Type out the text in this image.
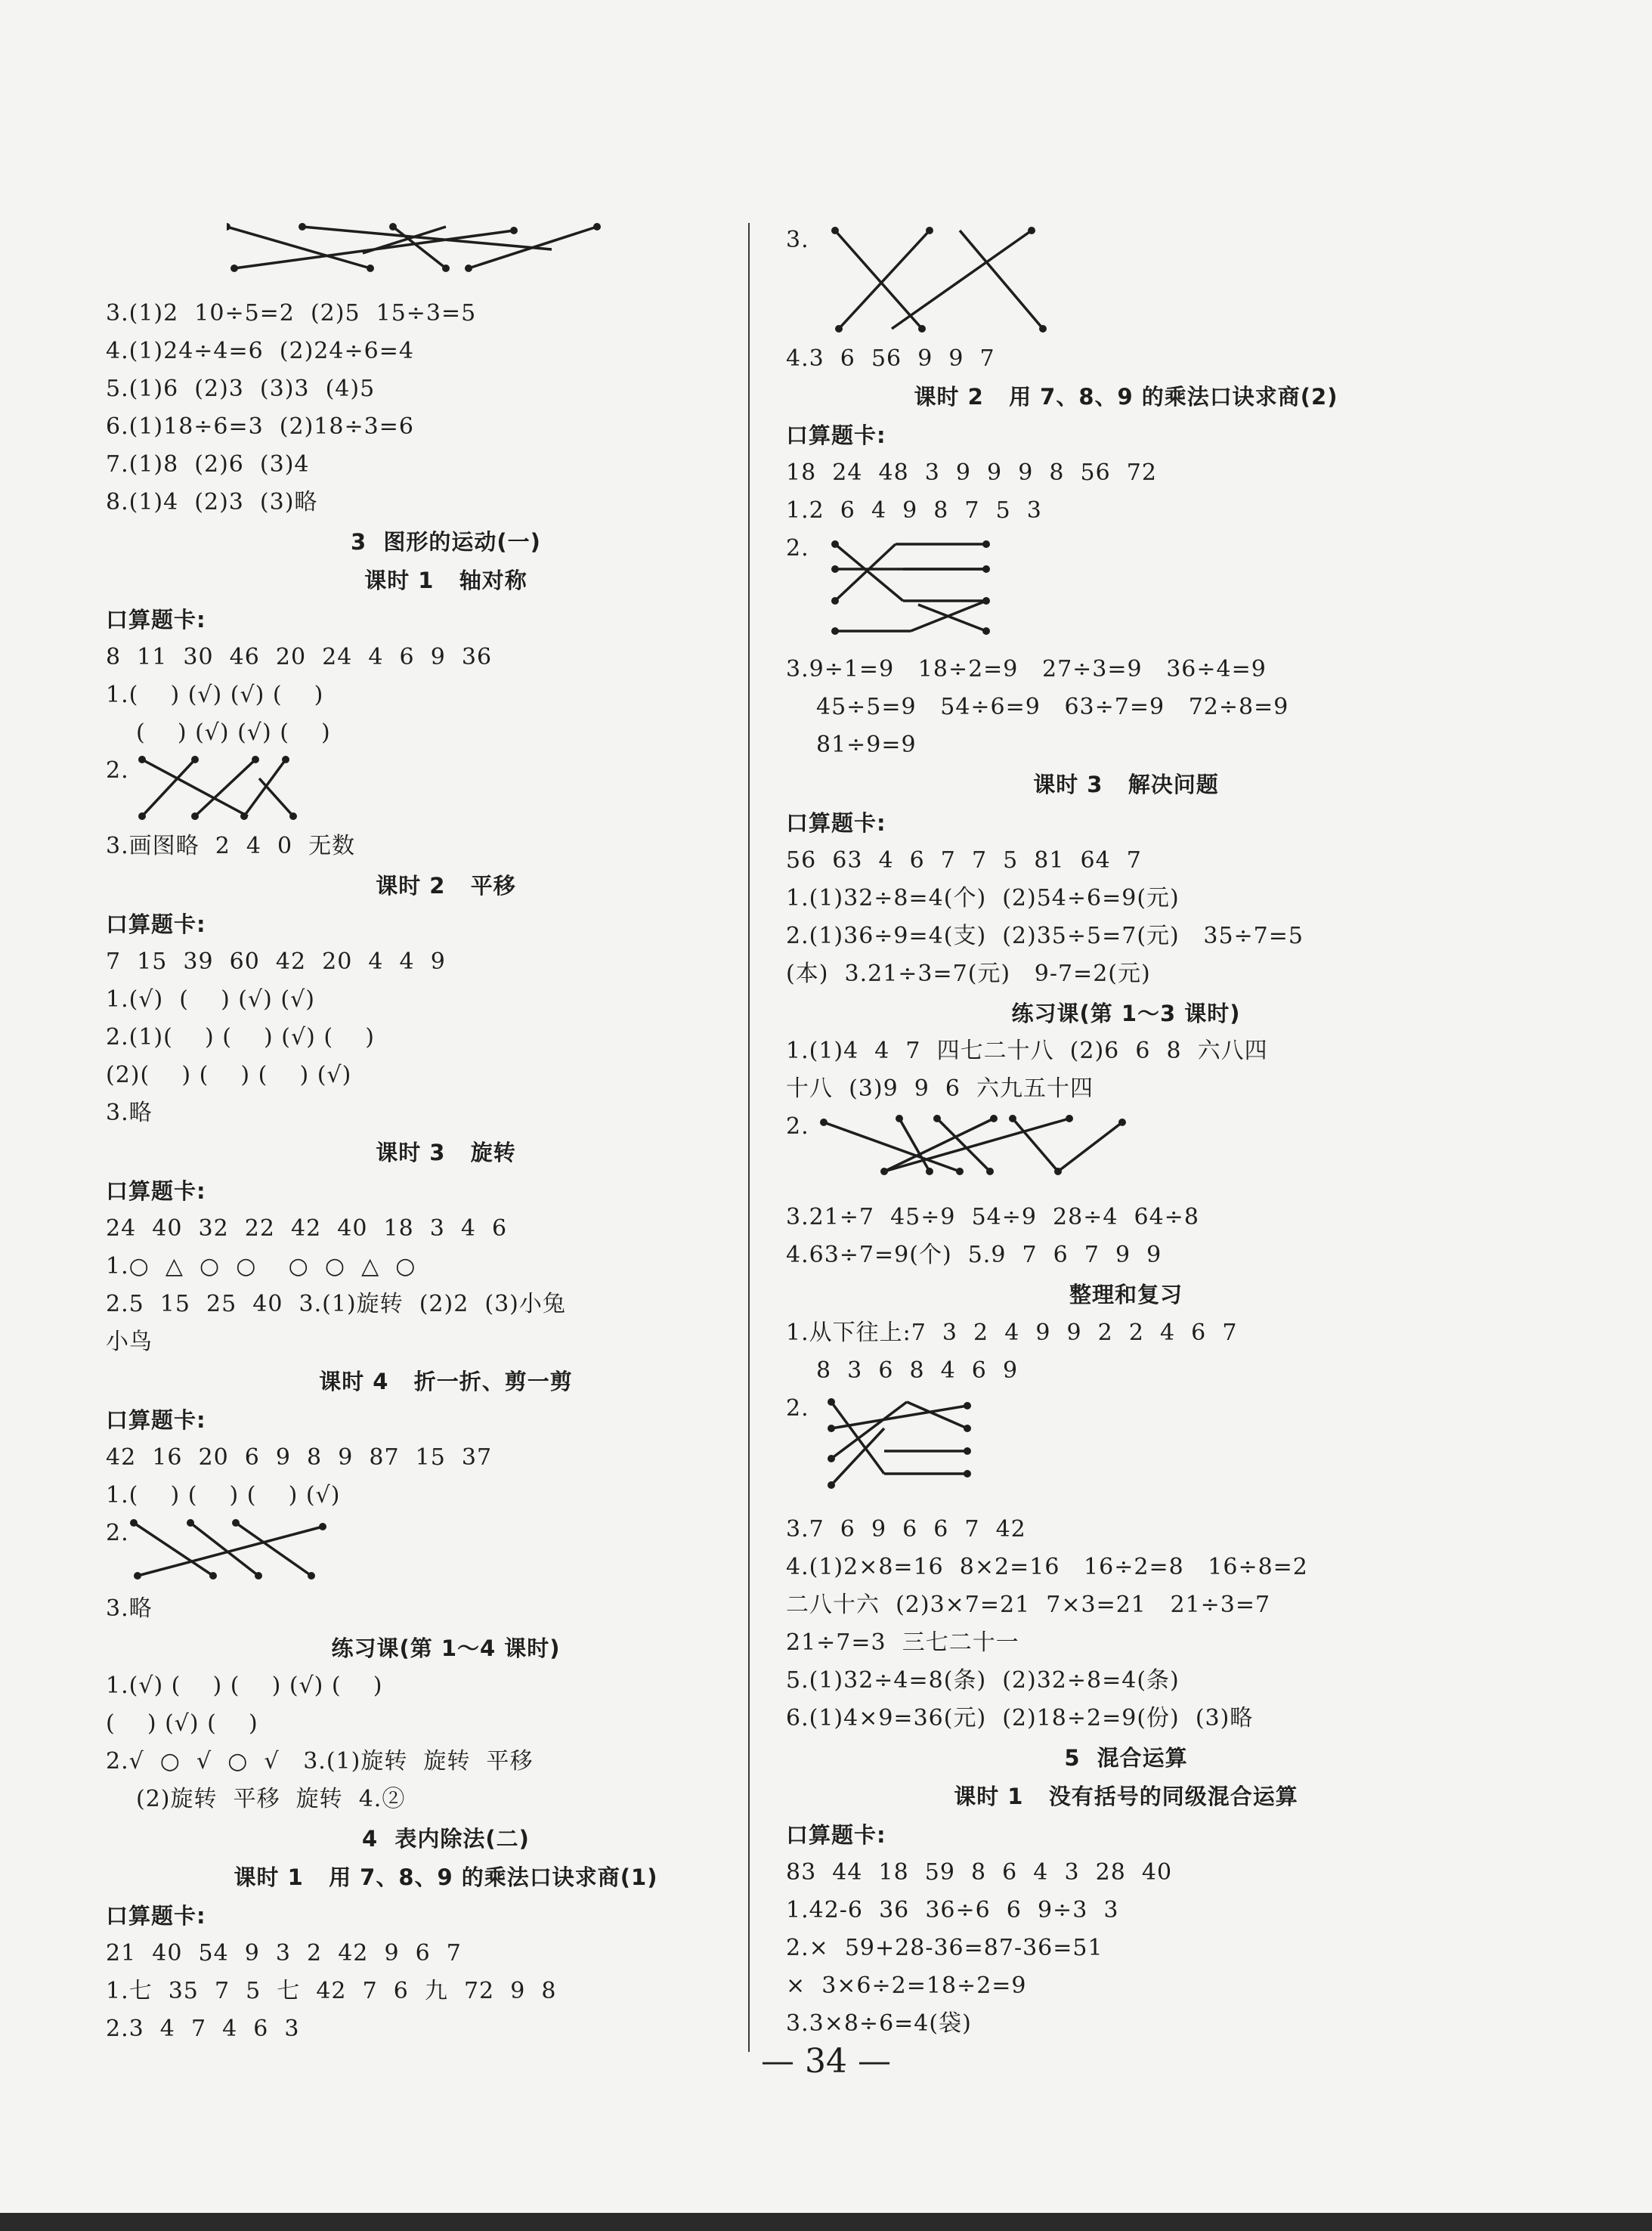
3.(1)2  10÷5=2  (2)5  15÷3=5
4.(1)24÷4=6  (2)24÷6=4
5.(1)6  (2)3  (3)3  (4)5
6.(1)18÷6=3  (2)18÷3=6
7.(1)8  (2)6  (3)4
8.(1)4  (2)3  (3)略
3  图形的运动(一)
课时 1   轴对称
口算题卡:
8  11  30  46  20  24  4  6  9  36
1.(    ) (√) (√) (    )
(    ) (√) (√) (    )
2.
3.画图略  2  4  0  无数
课时 2   平移
口算题卡:
7  15  39  60  42  20  4  4  9
1.(√)  (    ) (√) (√)
2.(1)(    ) (    ) (√) (    )
(2)(    ) (    ) (    ) (√)
3.略
课时 3   旋转
口算题卡:
24  40  32  22  42  40  18  3  4  6
1.○  △  ○  ○    ○  ○  △  ○
2.5  15  25  40  3.(1)旋转  (2)2  (3)小兔
小鸟
课时 4   折一折、剪一剪
口算题卡:
42  16  20  6  9  8  9  87  15  37
1.(    ) (    ) (    ) (√)
2.
3.略
练习课(第 1～4 课时)
1.(√) (    ) (    ) (√) (    )
(    ) (√) (    )
2.√  ○  √  ○  √   3.(1)旋转  旋转  平移
(2)旋转  平移  旋转  4.②
4  表内除法(二)
课时 1   用 7、8、9 的乘法口诀求商(1)
口算题卡:
21  40  54  9  3  2  42  9  6  7
1.七  35  7  5  七  42  7  6  九  72  9  8
2.3  4  7  4  6  3
3.
4.3  6  56  9  9  7
课时 2   用 7、8、9 的乘法口诀求商(2)
口算题卡:
18  24  48  3  9  9  9  8  56  72
1.2  6  4  9  8  7  5  3
2.
3.9÷1=9   18÷2=9   27÷3=9   36÷4=9
45÷5=9   54÷6=9   63÷7=9   72÷8=9
81÷9=9
课时 3   解决问题
口算题卡:
56  63  4  6  7  7  5  81  64  7
1.(1)32÷8=4(个)  (2)54÷6=9(元)
2.(1)36÷9=4(支)  (2)35÷5=7(元)   35÷7=5
(本)  3.21÷3=7(元)   9-7=2(元)
练习课(第 1～3 课时)
1.(1)4  4  7  四七二十八  (2)6  6  8  六八四
十八  (3)9  9  6  六九五十四
2.
3.21÷7  45÷9  54÷9  28÷4  64÷8
4.63÷7=9(个)  5.9  7  6  7  9  9
整理和复习
1.从下往上:7  3  2  4  9  9  2  2  4  6  7
8  3  6  8  4  6  9
2.
3.7  6  9  6  6  7  42
4.(1)2×8=16  8×2=16   16÷2=8   16÷8=2
二八十六  (2)3×7=21  7×3=21   21÷3=7
21÷7=3  三七二十一
5.(1)32÷4=8(条)  (2)32÷8=4(条)
6.(1)4×9=36(元)  (2)18÷2=9(份)  (3)略
5  混合运算
课时 1   没有括号的同级混合运算
口算题卡:
83  44  18  59  8  6  4  3  28  40
1.42-6  36  36÷6  6  9÷3  3
2.×  59+28-36=87-36=51
×  3×6÷2=18÷2=9
3.3×8÷6=4(袋)
— 34 —
